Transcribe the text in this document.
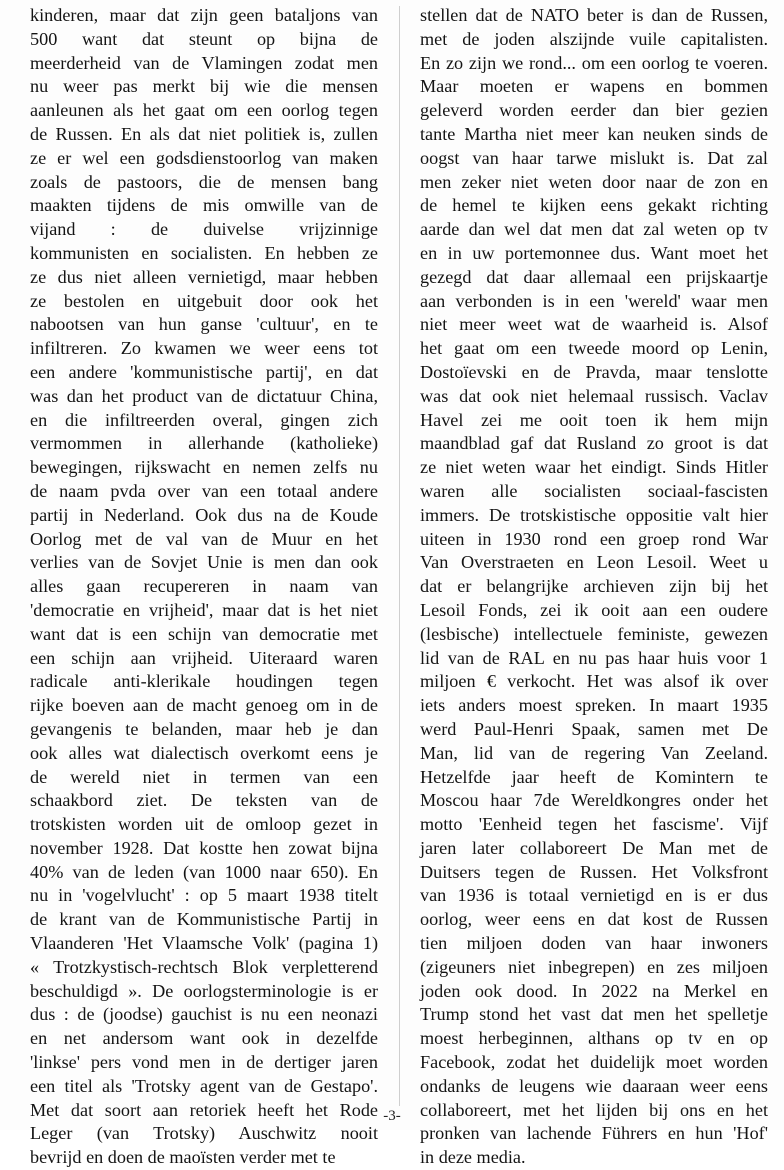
kinderen, maar dat zijn geen bataljons van
500 want dat steunt op bijna de
meerderheid van de Vlamingen zodat men
nu weer pas merkt bij wie die mensen
aanleunen als het gaat om een oorlog tegen
de Russen. En als dat niet politiek is, zullen
ze er wel een godsdienstoorlog van maken
zoals de pastoors, die de mensen bang
maakten tijdens de mis omwille van de
vijand : de duivelse vrijzinnige
kommunisten en socialisten. En hebben ze
ze dus niet alleen vernietigd, maar hebben
ze bestolen en uitgebuit door ook het
nabootsen van hun ganse 'cultuur', en te
infiltreren. Zo kwamen we weer eens tot
een andere 'kommunistische partij', en dat
was dan het product van de dictatuur China,
en die infiltreerden overal, gingen zich
vermommen in allerhande (katholieke)
bewegingen, rijkswacht en nemen zelfs nu
de naam pvda over van een totaal andere
partij in Nederland. Ook dus na de Koude
Oorlog met de val van de Muur en het
verlies van de Sovjet Unie is men dan ook
alles gaan recupereren in naam van
'democratie en vrijheid', maar dat is het niet
want dat is een schijn van democratie met
een schijn aan vrijheid. Uiteraard waren
radicale anti-klerikale houdingen tegen
rijke boeven aan de macht genoeg om in de
gevangenis te belanden, maar heb je dan
ook alles wat dialectisch overkomt eens je
de wereld niet in termen van een
schaakbord ziet. De teksten van de
trotskisten worden uit de omloop gezet in
november 1928. Dat kostte hen zowat bijna
40% van de leden (van 1000 naar 650). En
nu in 'vogelvlucht' : op 5 maart 1938 titelt
de krant van de Kommunistische Partij in
Vlaanderen 'Het Vlaamsche Volk' (pagina 1)
« Trotzkystisch-rechtsch Blok verpletterend
beschuldigd ». De oorlogsterminologie is er
dus : de (joodse) gauchist is nu een neonazi
en net andersom want ook in dezelfde
'linkse' pers vond men in de dertiger jaren
een titel als 'Trotsky agent van de Gestapo'.
Met dat soort aan retoriek heeft het Rode
Leger (van Trotsky) Auschwitz nooit
bevrijd en doen de maoïsten verder met te
stellen dat de NATO beter is dan de Russen,
met de joden alszijnde vuile capitalisten.
En zo zijn we rond... om een oorlog te voeren.
Maar moeten er wapens en bommen
geleverd worden eerder dan bier gezien
tante Martha niet meer kan neuken sinds de
oogst van haar tarwe mislukt is. Dat zal
men zeker niet weten door naar de zon en
de hemel te kijken eens gekakt richting
aarde dan wel dat men dat zal weten op tv
en in uw portemonnee dus. Want moet het
gezegd dat daar allemaal een prijskaartje
aan verbonden is in een 'wereld' waar men
niet meer weet wat de waarheid is. Alsof
het gaat om een tweede moord op Lenin,
Dostoïevski en de Pravda, maar tenslotte
was dat ook niet helemaal russisch. Vaclav
Havel zei me ooit toen ik hem mijn
maandblad gaf dat Rusland zo groot is dat
ze niet weten waar het eindigt. Sinds Hitler
waren alle socialisten sociaal-fascisten
immers. De trotskistische oppositie valt hier
uiteen in 1930 rond een groep rond War
Van Overstraeten en Leon Lesoil. Weet u
dat er belangrijke archieven zijn bij het
Lesoil Fonds, zei ik ooit aan een oudere
(lesbische) intellectuele feministe, gewezen
lid van de RAL en nu pas haar huis voor 1
miljoen € verkocht. Het was alsof ik over
iets anders moest spreken. In maart 1935
werd Paul-Henri Spaak, samen met De
Man, lid van de regering Van Zeeland.
Hetzelfde jaar heeft de Komintern te
Moscou haar 7de Wereldkongres onder het
motto 'Eenheid tegen het fascisme'. Vijf
jaren later collaboreert De Man met de
Duitsers tegen de Russen. Het Volksfront
van 1936 is totaal vernietigd en is er dus
oorlog, weer eens en dat kost de Russen
tien miljoen doden van haar inwoners
(zigeuners niet inbegrepen) en zes miljoen
joden ook dood. In 2022 na Merkel en
Trump stond het vast dat men het spelletje
moest herbeginnen, althans op tv en op
Facebook, zodat het duidelijk moet worden
ondanks de leugens wie daaraan weer eens
collaboreert, met het lijden bij ons en het
pronken van lachende Führers en hun 'Hof'
in deze media.
-3-
